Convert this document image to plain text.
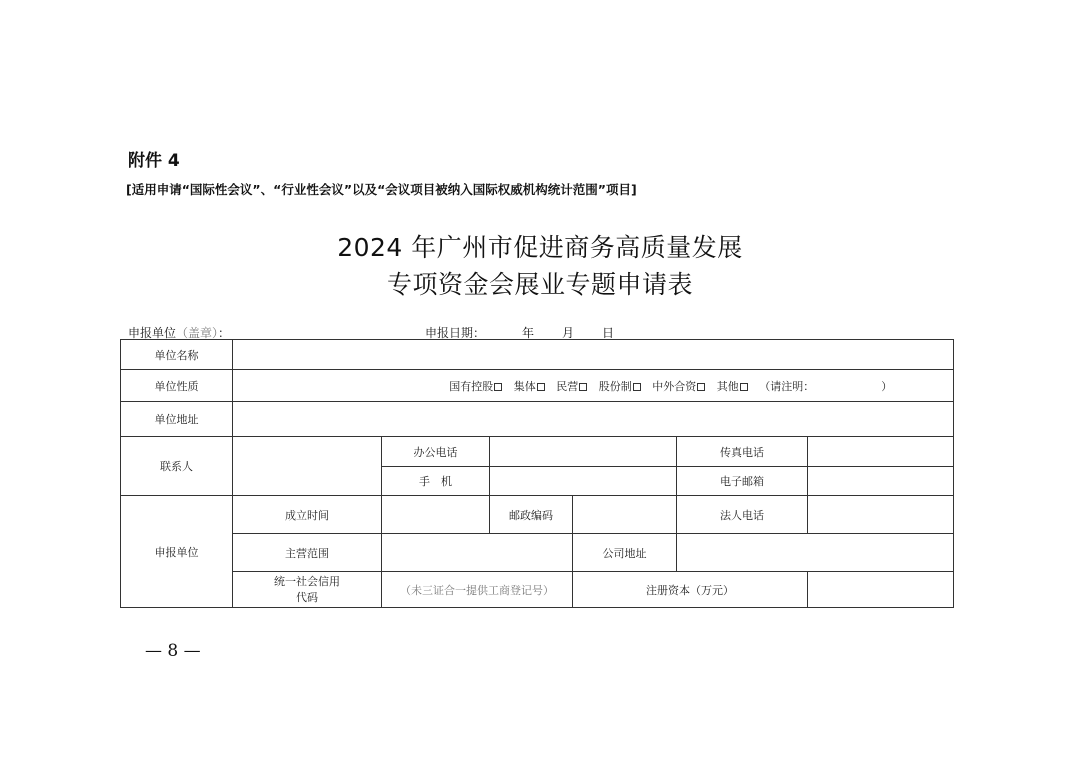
附件 4
[适用申请“国际性会议”、“行业性会议”以及“会议项目被纳入国际权威机构统计范围”项目]
2024 年广州市促进商务高质量发展
专项资金会展业专题申请表
申报单位（盖章）：	申报日期：	年 月 日
单位名称						
单位性质	国有控股 集体 民营 股份制 中外合资 其他 （请注明： ）					
单位地址						
联系人		办公电话			传真电话	
		手　机			电子邮箱	
申报单位	成立时间		邮政编码		法人电话	
	主营范围			公司地址		

	统一社会信用代码	（未三证合一提供工商登记号）		注册资本（万元）		
— 8 —
